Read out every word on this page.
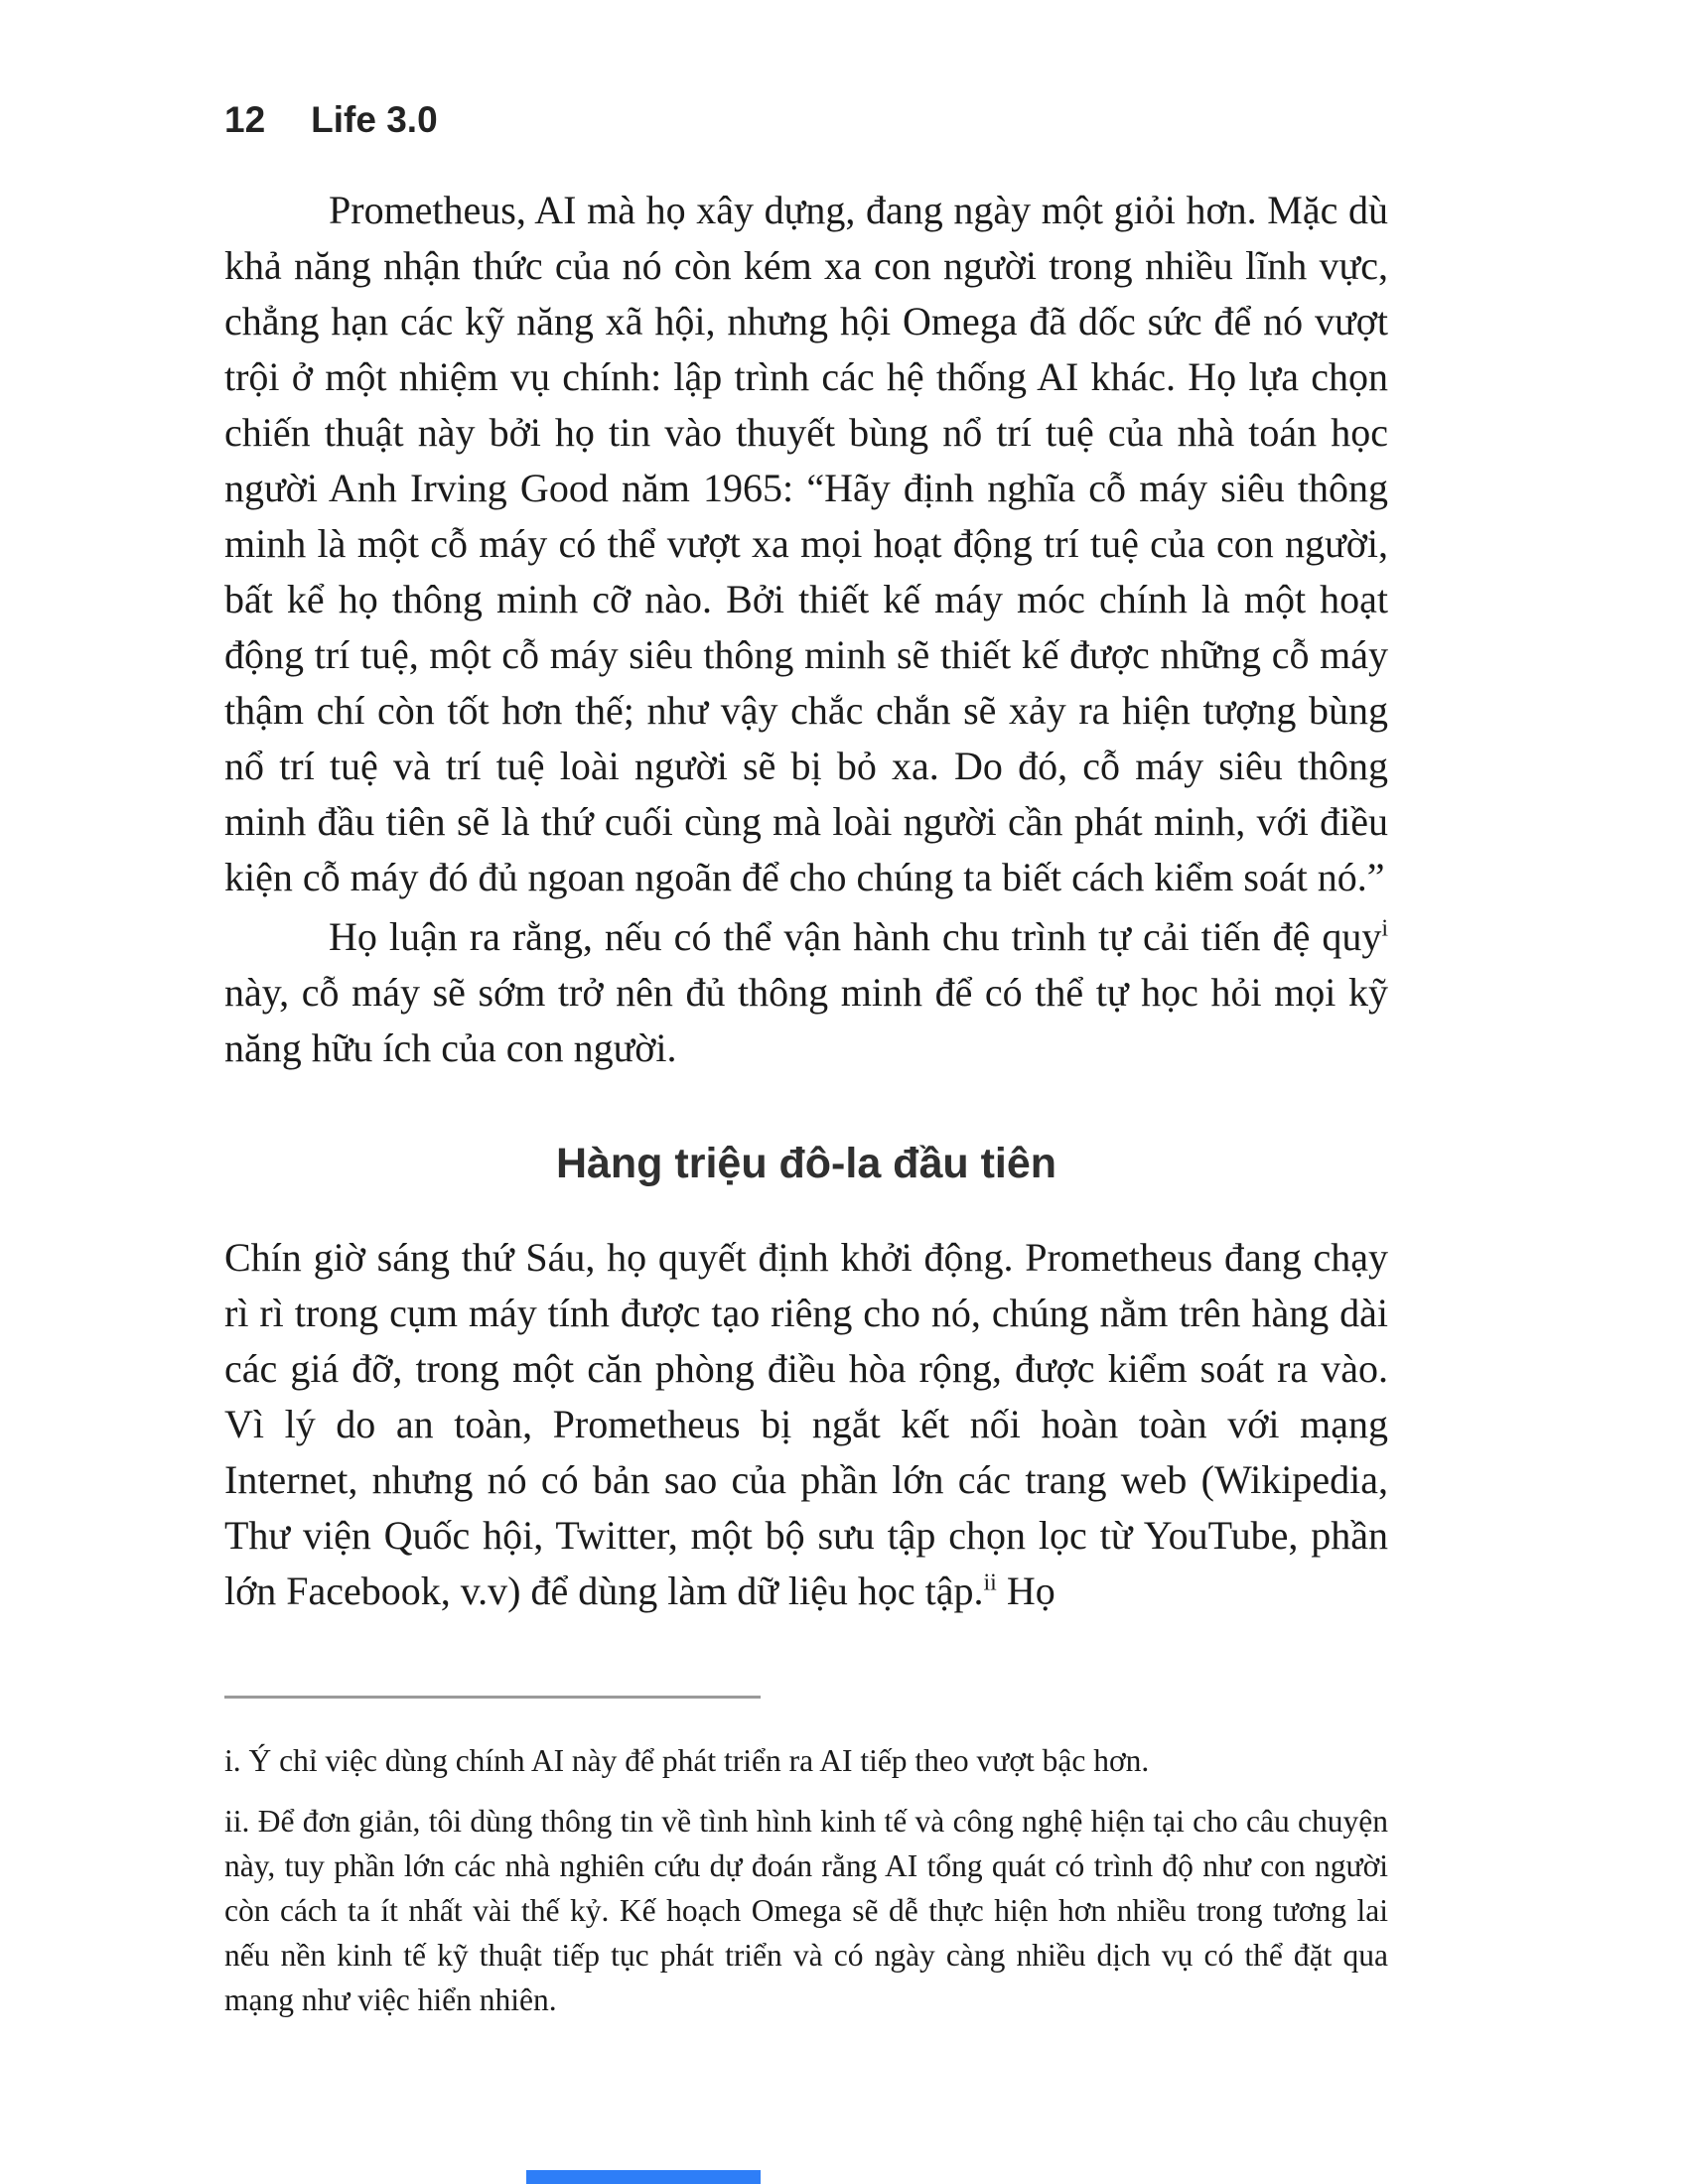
12 Life 3.0

Prometheus, AI mà họ xây dựng, đang ngày một giỏi hơn. Mặc dù khả năng nhận thức của nó còn kém xa con người trong nhiều lĩnh vực, chẳng hạn các kỹ năng xã hội, nhưng hội Omega đã dốc sức để nó vượt trội ở một nhiệm vụ chính: lập trình các hệ thống AI khác. Họ lựa chọn chiến thuật này bởi họ tin vào thuyết bùng nổ trí tuệ của nhà toán học người Anh Irving Good năm 1965: “Hãy định nghĩa cỗ máy siêu thông minh là một cỗ máy có thể vượt xa mọi hoạt động trí tuệ của con người, bất kể họ thông minh cỡ nào. Bởi thiết kế máy móc chính là một hoạt động trí tuệ, một cỗ máy siêu thông minh sẽ thiết kế được những cỗ máy thậm chí còn tốt hơn thế; như vậy chắc chắn sẽ xảy ra hiện tượng bùng nổ trí tuệ và trí tuệ loài người sẽ bị bỏ xa. Do đó, cỗ máy siêu thông minh đầu tiên sẽ là thứ cuối cùng mà loài người cần phát minh, với điều kiện cỗ máy đó đủ ngoan ngoãn để cho chúng ta biết cách kiểm soát nó.”

Họ luận ra rằng, nếu có thể vận hành chu trình tự cải tiến đệ quy$^i$ này, cỗ máy sẽ sớm trở nên đủ thông minh để có thể tự học hỏi mọi kỹ năng hữu ích của con người.

Hàng triệu đô-la đầu tiên

Chín giờ sáng thứ Sáu, họ quyết định khởi động. Prometheus đang chạy rì rì trong cụm máy tính được tạo riêng cho nó, chúng nằm trên hàng dài các giá đỡ, trong một căn phòng điều hòa rộng, được kiểm soát ra vào. Vì lý do an toàn, Prometheus bị ngắt kết nối hoàn toàn với mạng Internet, nhưng nó có bản sao của phần lớn các trang web (Wikipedia, Thư viện Quốc hội, Twitter, một bộ sưu tập chọn lọc từ YouTube, phần lớn Facebook, v.v) để dùng làm dữ liệu học tập.$^{ii}$ Họ

i. Ý chỉ việc dùng chính AI này để phát triển ra AI tiếp theo vượt bậc hơn.

ii. Để đơn giản, tôi dùng thông tin về tình hình kinh tế và công nghệ hiện tại cho câu chuyện này, tuy phần lớn các nhà nghiên cứu dự đoán rằng AI tổng quát có trình độ như con người còn cách ta ít nhất vài thế kỷ. Kế hoạch Omega sẽ dễ thực hiện hơn nhiều trong tương lai nếu nền kinh tế kỹ thuật tiếp tục phát triển và có ngày càng nhiều dịch vụ có thể đặt qua mạng như việc hiển nhiên.
